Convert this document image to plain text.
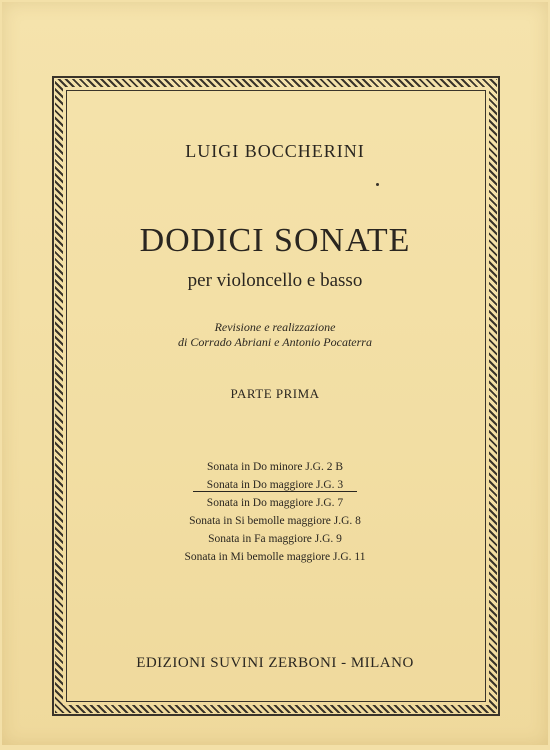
LUIGI BOCCHERINI

DODICI SONATE

per violoncello e basso

Revisione e realizzazione
di Corrado Abriani e Antonio Pocaterra

PARTE PRIMA

Sonata in Do minore J.G. 2 B
Sonata in Do maggiore J.G. 3
Sonata in Do maggiore J.G. 7
Sonata in Si bemolle maggiore J.G. 8
Sonata in Fa maggiore J.G. 9
Sonata in Mi bemolle maggiore J.G. 11

EDIZIONI SUVINI ZERBONI - MILANO
